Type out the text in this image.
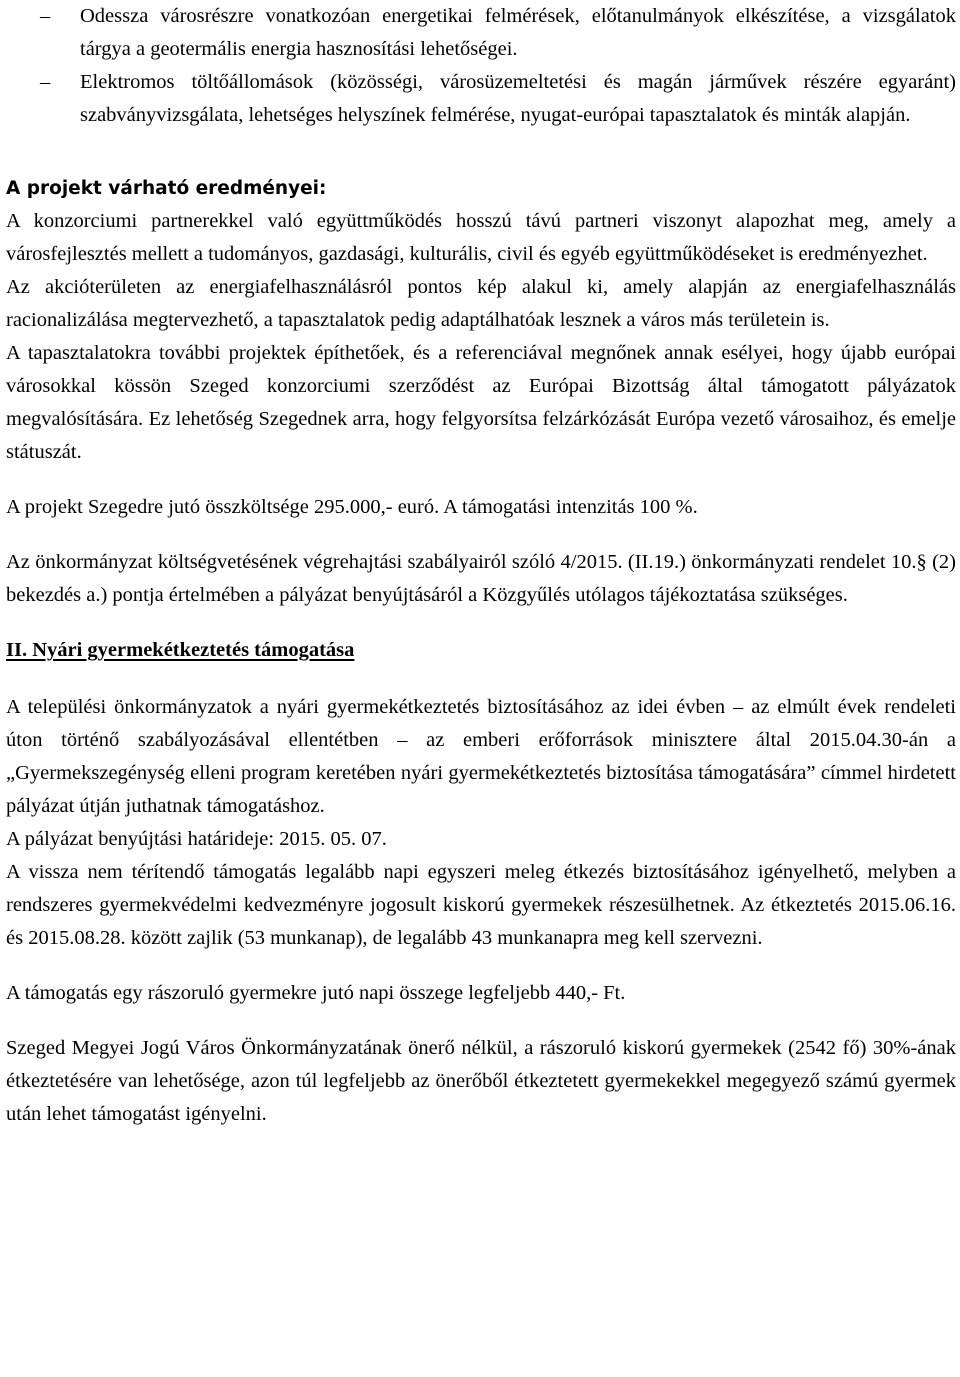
– Odessza városrészre vonatkozóan energetikai felmérések, előtanulmányok elkészítése, a vizsgálatok tárgya a geotermális energia hasznosítási lehetőségei.
– Elektromos töltőállomások (közösségi, városüzemeltetési és magán járművek részére egyaránt) szabványvizsgálata, lehetséges helyszínek felmérése, nyugat-európai tapasztalatok és minták alapján.

A projekt várható eredményei:

A konzorciumi partnerekkel való együttműködés hosszú távú partneri viszonyt alapozhat meg, amely a városfejlesztés mellett a tudományos, gazdasági, kulturális, civil és egyéb együttműködéseket is eredményezhet.

Az akcióterületen az energiafelhasználásról pontos kép alakul ki, amely alapján az energiafelhasználás racionalizálása megtervezhető, a tapasztalatok pedig adaptálhatóak lesznek a város más területein is.

A tapasztalatokra további projektek építhetőek, és a referenciával megnőnek annak esélyei, hogy újabb európai városokkal kössön Szeged konzorciumi szerződést az Európai Bizottság által támogatott pályázatok megvalósítására. Ez lehetőség Szegednek arra, hogy felgyorsítsa felzárkózását Európa vezető városaihoz, és emelje státuszát.

A projekt Szegedre jutó összköltsége 295.000,- euró. A támogatási intenzitás 100 %.

Az önkormányzat költségvetésének végrehajtási szabályairól szóló 4/2015. (II.19.) önkormányzati rendelet 10.§ (2) bekezdés a.) pontja értelmében a pályázat benyújtásáról a Közgyűlés utólagos tájékoztatása szükséges.

II. Nyári gyermekétkeztetés támogatása

A települési önkormányzatok a nyári gyermekétkeztetés biztosításához az idei évben – az elmúlt évek rendeleti úton történő szabályozásával ellentétben – az emberi erőforrások minisztere által 2015.04.30-án a „Gyermekszegénység elleni program keretében nyári gyermekétkeztetés biztosítása támogatására” címmel hirdetett pályázat útján juthatnak támogatáshoz.

A pályázat benyújtási határideje: 2015. 05. 07.

A vissza nem térítendő támogatás legalább napi egyszeri meleg étkezés biztosításához igényelhető, melyben a rendszeres gyermekvédelmi kedvezményre jogosult kiskorú gyermekek részesülhetnek. Az étkeztetés 2015.06.16. és 2015.08.28. között zajlik (53 munkanap), de legalább 43 munkanapra meg kell szervezni.

A támogatás egy rászoruló gyermekre jutó napi összege legfeljebb 440,- Ft.

Szeged Megyei Jogú Város Önkormányzatának önerő nélkül, a rászoruló kiskorú gyermekek (2542 fő) 30%-ának étkeztetésére van lehetősége, azon túl legfeljebb az önerőből étkeztetett gyermekekkel megegyező számú gyermek után lehet támogatást igényelni.
